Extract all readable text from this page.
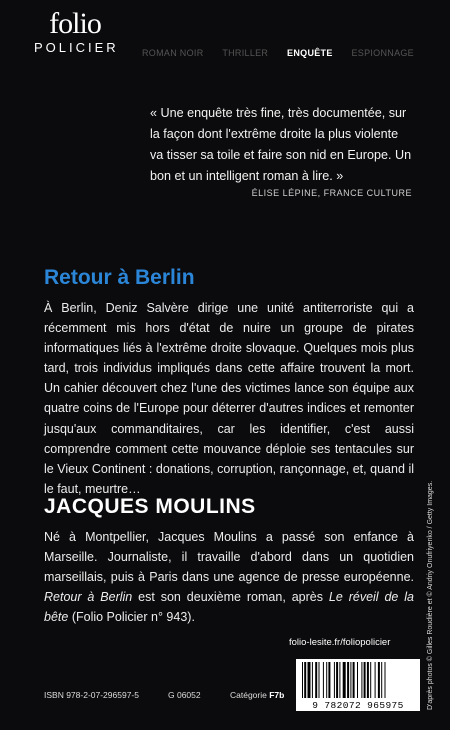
folio
POLICIER	ROMAN NOIR THRILLER ENQUÊTE ESPIONNAGE
« Une enquête très fine, très documentée, sur la façon dont l'extrême droite la plus violente va tisser sa toile et faire son nid en Europe. Un bon et un intelligent roman à lire. »
ÉLISE LÉPINE, FRANCE CULTURE
Retour à Berlin
À Berlin, Deniz Salvère dirige une unité antiterroriste qui a récemment mis hors d'état de nuire un groupe de pirates informatiques liés à l'extrême droite slovaque. Quelques mois plus tard, trois individus impliqués dans cette affaire trouvent la mort. Un cahier découvert chez l'une des victimes lance son équipe aux quatre coins de l'Europe pour déterrer d'autres indices et remonter jusqu'aux commanditaires, car les identifier, c'est aussi comprendre comment cette mouvance déploie ses tentacules sur le Vieux Continent : donations, corruption, rançonnage, et, quand il le faut, meurtre…
JACQUES MOULINS
Né à Montpellier, Jacques Moulins a passé son enfance à Marseille. Journaliste, il travaille d'abord dans un quotidien marseillais, puis à Paris dans une agence de presse européenne. Retour à Berlin est son deuxième roman, après Le réveil de la bête (Folio Policier n° 943).
folio-lesite.fr/foliopolicier
ISBN 978-2-07-296597-5	G 06052	Catégorie F7b
9 782072 965975	D'après photos © Gilles Roudière et © Andriy Onufriyenko / Getty Images.
